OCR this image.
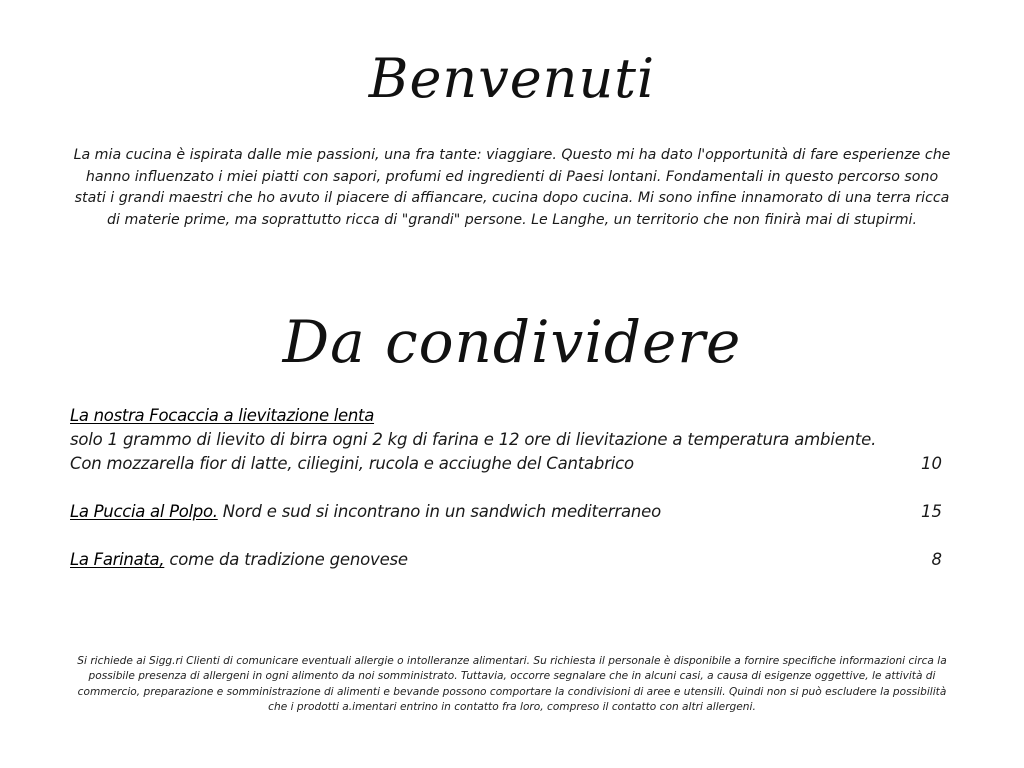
Benvenuti

La mia cucina è ispirata dalle mie passioni, una fra tante: viaggiare. Questo mi ha dato l'opportunità di fare esperienze che hanno influenzato i miei piatti con sapori, profumi ed ingredienti di Paesi lontani. Fondamentali in questo percorso sono stati i grandi maestri che ho avuto il piacere di affiancare, cucina dopo cucina. Mi sono infine innamorato di una terra ricca di materie prime, ma soprattutto ricca di "grandi" persone. Le Langhe, un territorio che non finirà mai di stupirmi.

Da condividere
La nostra Focaccia a lievitazione lenta
solo 1 grammo di lievito di birra ogni 2 kg di farina e 12 ore di lievitazione a temperatura ambiente.
Con mozzarella fior di latte, ciliegini, rucola e acciughe del Cantabrico	10
La Puccia al Polpo. Nord e sud si incontrano in un sandwich mediterraneo	15
La Farinata, come da tradizione genovese	8

Si richiede ai Sigg.ri Clienti di comunicare eventuali allergie o intolleranze alimentari. Su richiesta il personale è disponibile a fornire specifiche informazioni circa la possibile presenza di allergeni in ogni alimento da noi somministrato. Tuttavia, occorre segnalare che in alcuni casi, a causa di esigenze oggettive, le attività di commercio, preparazione e somministrazione di alimenti e bevande possono comportare la condivisioni di aree e utensili. Quindi non si può escludere la possibilità che i prodotti a.imentari entrino in contatto fra loro, compreso il contatto con altri allergeni.
